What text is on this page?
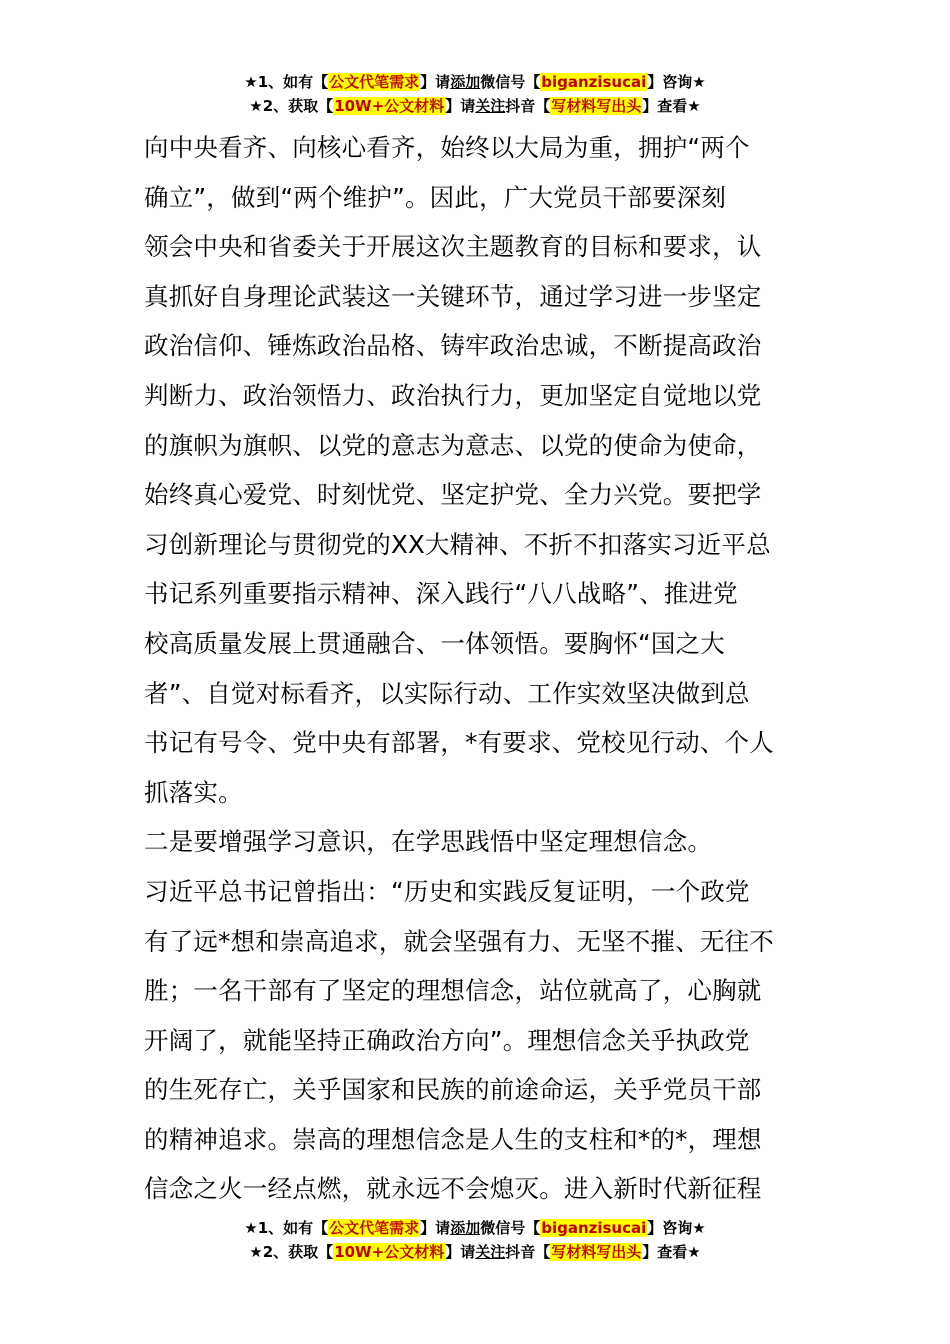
★1、如有【公文代笔需求】请添加微信号【biganzisucai】咨询★
★2、获取【10W+公文材料】请关注抖音【写材料写出头】查看★
向中央看齐、向核心看齐，始终以大局为重，拥护“两个
确立”，做到“两个维护”。因此，广大党员干部要深刻
领会中央和省委关于开展这次主题教育的目标和要求，认
真抓好自身理论武装这一关键环节，通过学习进一步坚定
政治信仰、锤炼政治品格、铸牢政治忠诚，不断提高政治
判断力、政治领悟力、政治执行力，更加坚定自觉地以党
的旗帜为旗帜、以党的意志为意志、以党的使命为使命，
始终真心爱党、时刻忧党、坚定护党、全力兴党。要把学
习创新理论与贯彻党的XX大精神、不折不扣落实习近平总
书记系列重要指示精神、深入践行“八八战略”、推进党
校高质量发展上贯通融合、一体领悟。要胸怀“国之大
者”、自觉对标看齐，以实际行动、工作实效坚决做到总
书记有号令、党中央有部署，*有要求、党校见行动、个人
抓落实。
二是要增强学习意识，在学思践悟中坚定理想信念。
习近平总书记曾指出：“历史和实践反复证明，一个政党
有了远*想和崇高追求，就会坚强有力、无坚不摧、无往不
胜；一名干部有了坚定的理想信念，站位就高了，心胸就
开阔了，就能坚持正确政治方向”。理想信念关乎执政党
的生死存亡，关乎国家和民族的前途命运，关乎党员干部
的精神追求。崇高的理想信念是人生的支柱和*的*，理想
信念之火一经点燃，就永远不会熄灭。进入新时代新征程
★1、如有【公文代笔需求】请添加微信号【biganzisucai】咨询★
★2、获取【10W+公文材料】请关注抖音【写材料写出头】查看★
